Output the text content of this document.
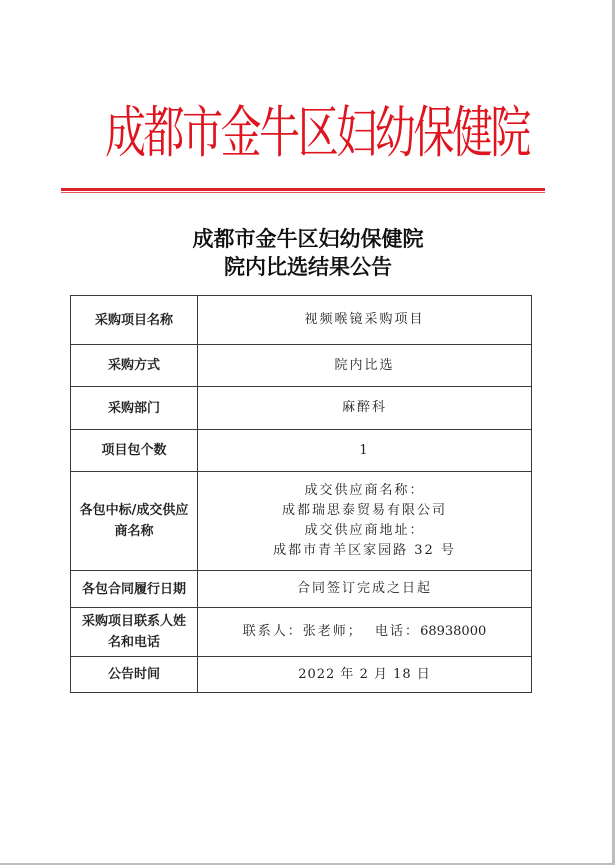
成都市金牛区妇幼保健院
成都市金牛区妇幼保健院
院内比选结果公告
采购项目名称	视频喉镜采购项目
采购方式	院内比选
采购部门	麻醉科
项目包个数	1

各包中标/成交供应
商名称	成交供应商名称：
成都瑞思泰贸易有限公司
成交供应商地址：
成都市青羊区家园路 32 号

各包合同履行日期	合同签订完成之日起

采购项目联系人姓
名和电话	联系人：张老师； 电话：68938000
公告时间	2022 年 2 月 18 日
